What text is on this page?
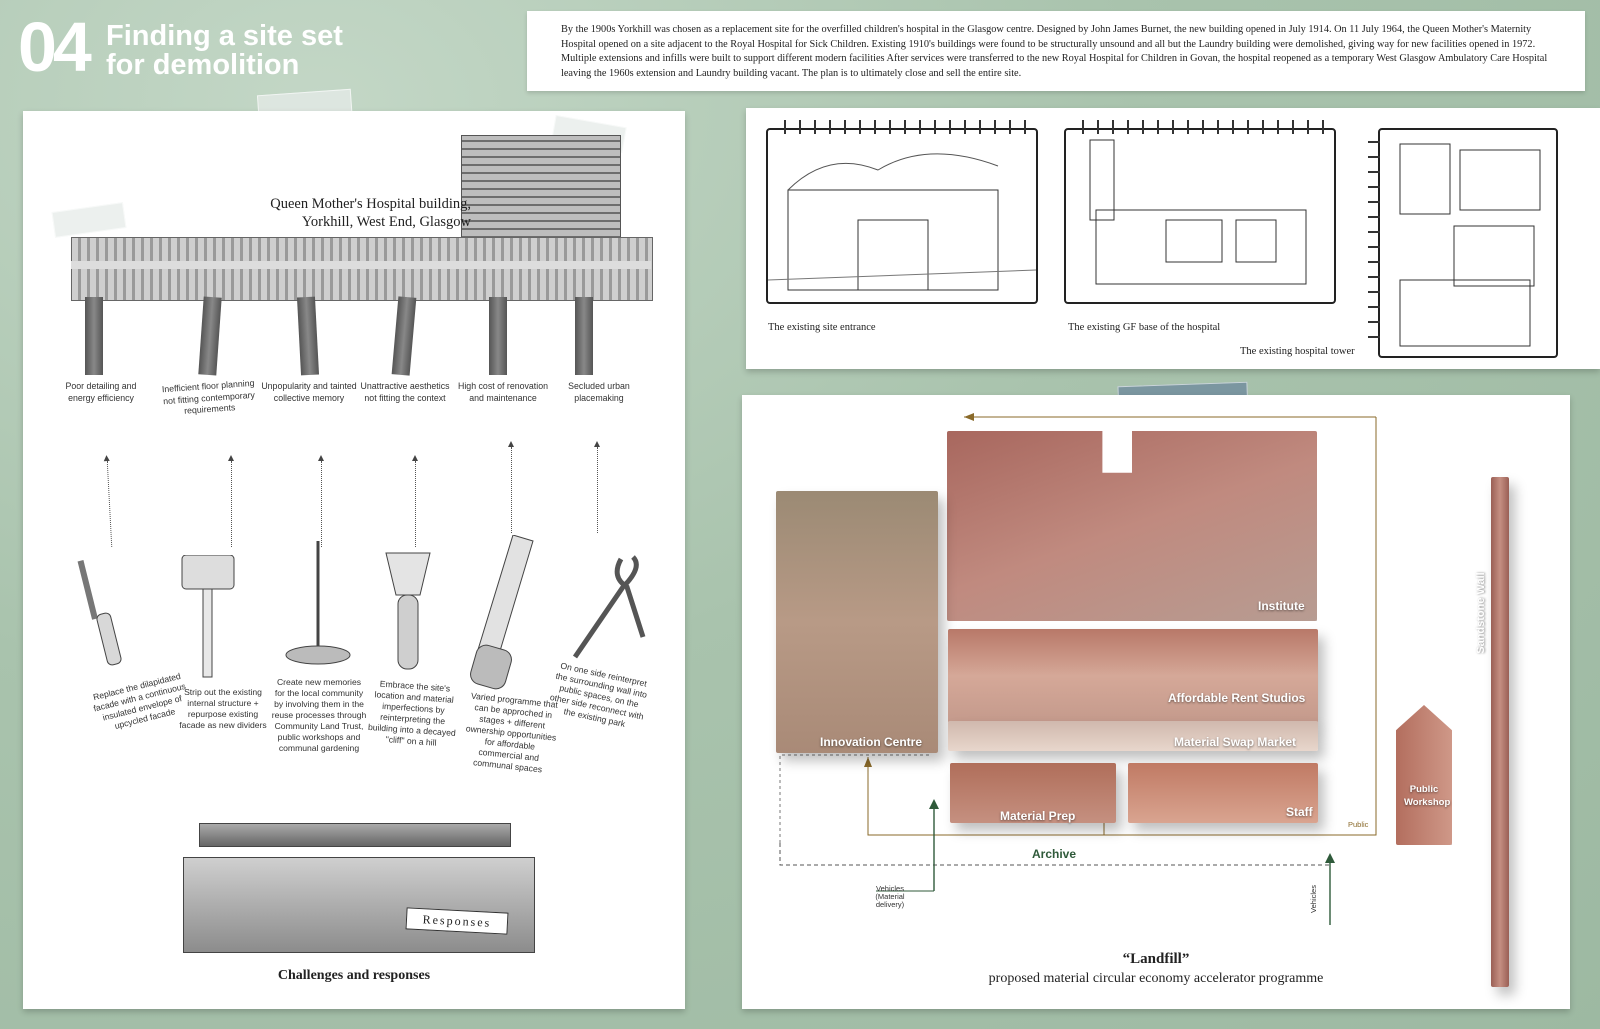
04 Finding a site set for demolition

By the 1900s Yorkhill was chosen as a replacement site for the overfilled children's hospital in the Glasgow centre. Designed by John James Burnet, the new building opened in July 1914. On 11 July 1964, the Queen Mother's Maternity Hospital opened on a site adjacent to the Royal Hospital for Sick Children. Existing 1910's buildings were found to be structurally unsound and all but the Laundry building were demolished, giving way for new facilities opened in 1972. Multiple extensions and infills were built to support different modern facilities After services were transferred to the new Royal Hospital for Children in Govan, the hospital reopened as a temporary West Glasgow Ambulatory Care Hospital leaving the 1960s extension and Laundry building vacant. The plan is to ultimately close and sell the entire site.

Queen Mother's Hospital building,
Yorkhill, West End, Glasgow
Poor detailing and energy efficiency
Inefficient floor planning not fitting contemporary requirements
Unpopularity and tainted collective memory
Unattractive aesthetics not fitting the context
High cost of renovation and maintenance
Secluded urban placemaking
Replace the dilapidated facade with a continuous insulated envelope of upcycled facade
Strip out the existing internal structure + repurpose existing facade as new dividers
Create new memories for the local community by involving them in the reuse processes through Community Land Trust, public workshops and communal gardening
Embrace the site's location and material imperfections by reinterpreting the building into a decayed "cliff" on a hill
Varied programme that can be approched in stages + different ownership opportunities for affordable commercial and communal spaces
On one side reinterpret the surrounding wall into public spaces, on the other side reconnect with the existing park
Responses
Challenges and responses
The existing site entrance	The existing GF base of the hospital
The existing hospital tower
Institute
Innovation Centre
Affordable Rent Studios
Material Swap Market
Material Prep	Staff
Public
Workshop
Sandstone Wall
Public
Archive
Vehicles
(Material
delivery)	Vehicles
“Landfill”
proposed material circular economy accelerator programme
